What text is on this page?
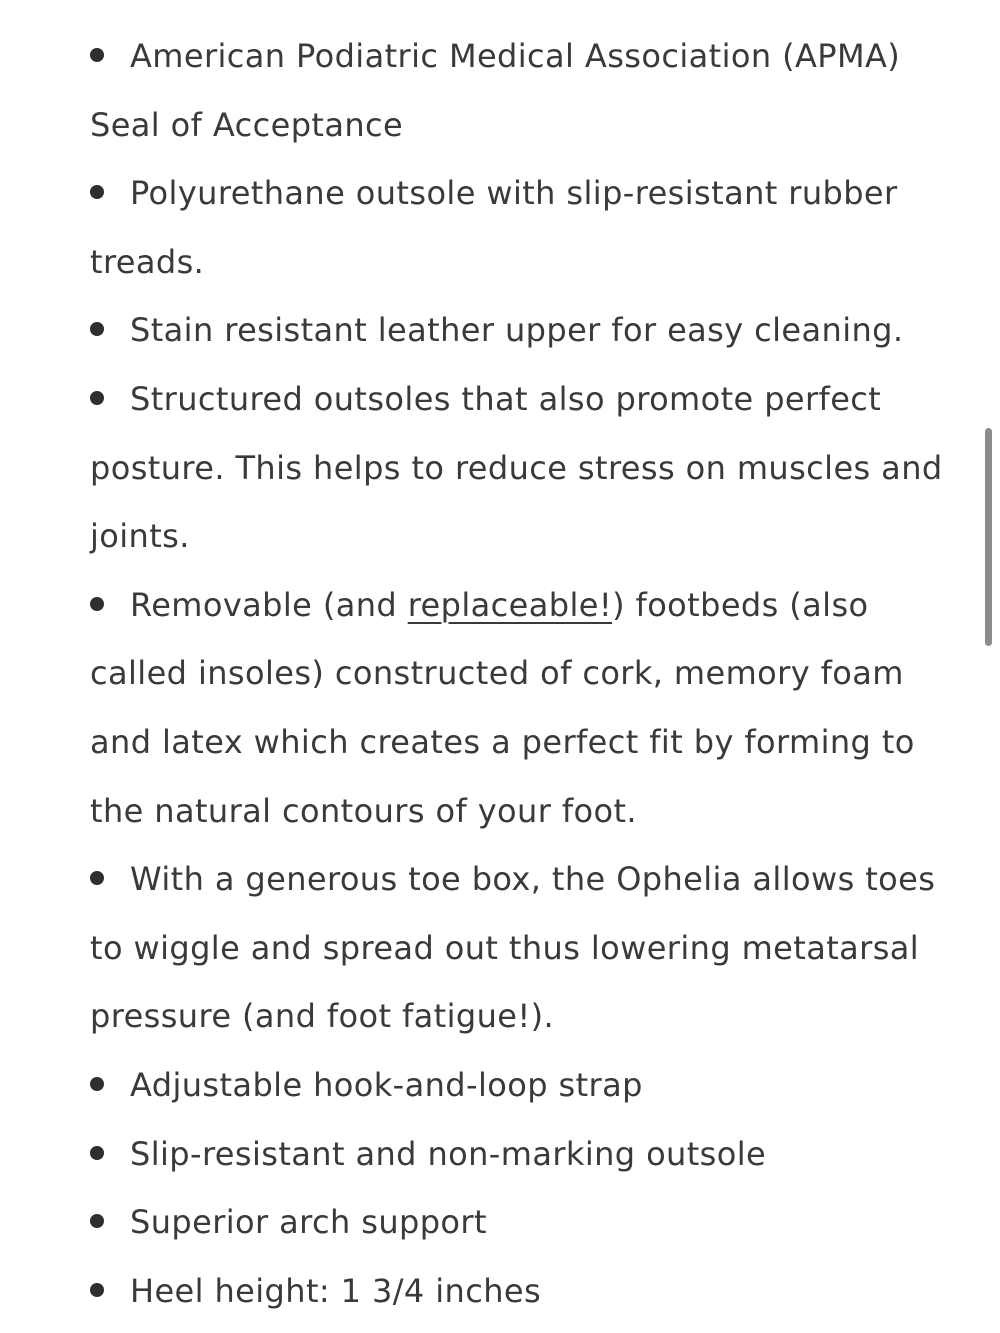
American Podiatric Medical Association (APMA) Seal of Acceptance
Polyurethane outsole with slip-resistant rubber treads.
Stain resistant leather upper for easy cleaning.
Structured outsoles that also promote perfect posture. This helps to reduce stress on muscles and joints.
Removable (and replaceable!) footbeds (also called insoles) constructed of cork, memory foam and latex which creates a perfect fit by forming to the natural contours of your foot.
With a generous toe box, the Ophelia allows toes to wiggle and spread out thus lowering metatarsal pressure (and foot fatigue!).
Adjustable hook-and-loop strap
Slip-resistant and non-marking outsole
Superior arch support
Heel height: 1 3/4 inches
